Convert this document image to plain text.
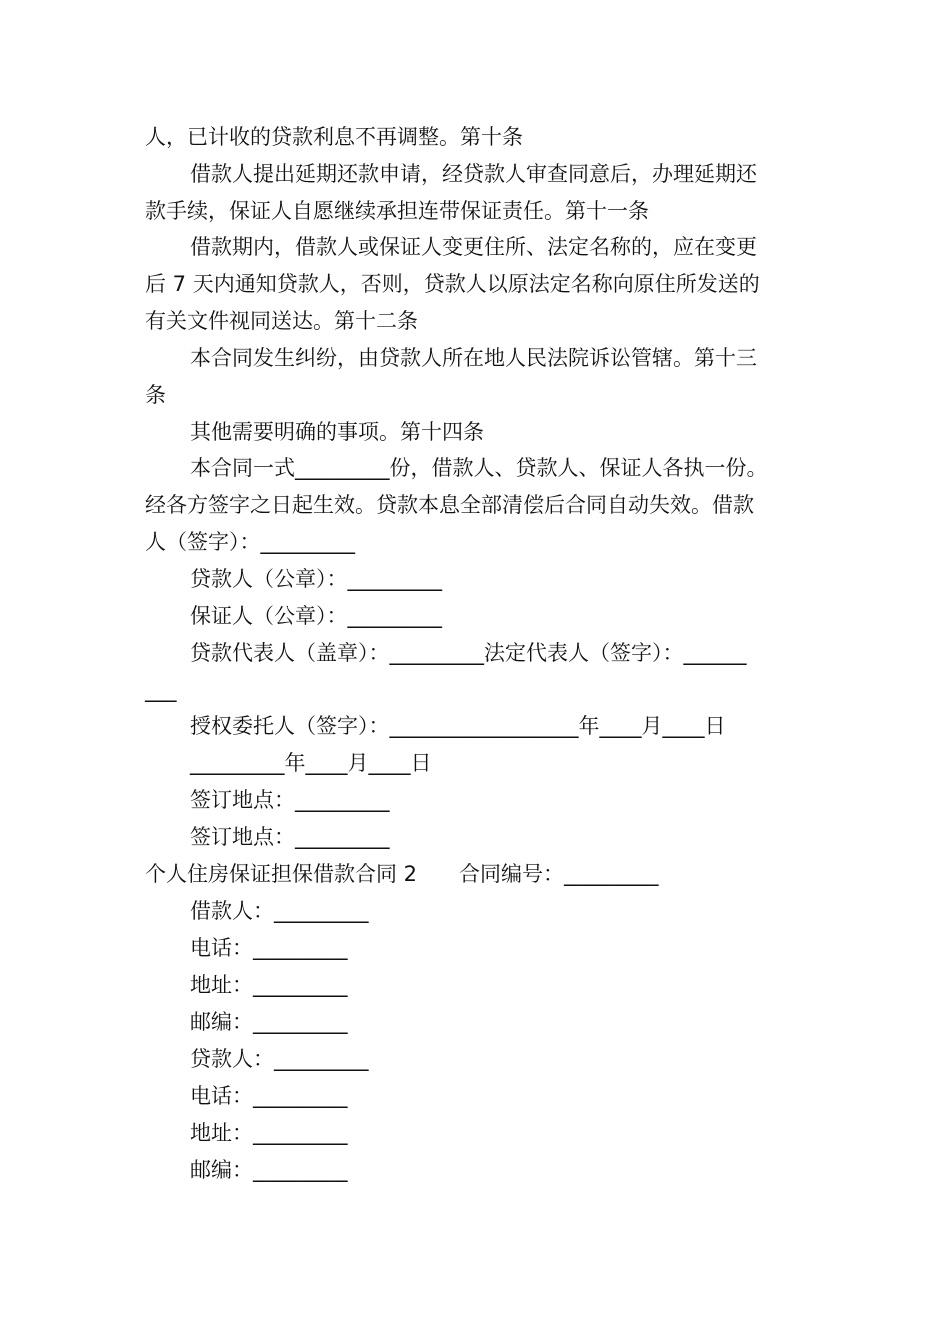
人，已计收的贷款利息不再调整。第十条
借款人提出延期还款申请，经贷款人审查同意后，办理延期还
款手续，保证人自愿继续承担连带保证责任。第十一条
借款期内，借款人或保证人变更住所、法定名称的，应在变更
后 7 天内通知贷款人，否则，贷款人以原法定名称向原住所发送的
有关文件视同送达。第十二条
本合同发生纠纷，由贷款人所在地人民法院诉讼管辖。第十三
条
其他需要明确的事项。第十四条
本合同一式_________份，借款人、贷款人、保证人各执一份。
经各方签字之日起生效。贷款本息全部清偿后合同自动失效。借款
人（签字）：_________
贷款人（公章）：_________
保证人（公章）：_________
贷款代表人（盖章）：_________法定代表人（签字）：______
___
授权委托人（签字）：__________________年____月____日
_________年____月____日
签订地点：_________
签订地点：_________
个人住房保证担保借款合同 2　　合同编号：_________
借款人：_________
电话：_________
地址：_________
邮编：_________
贷款人：_________
电话：_________
地址：_________
邮编：_________
